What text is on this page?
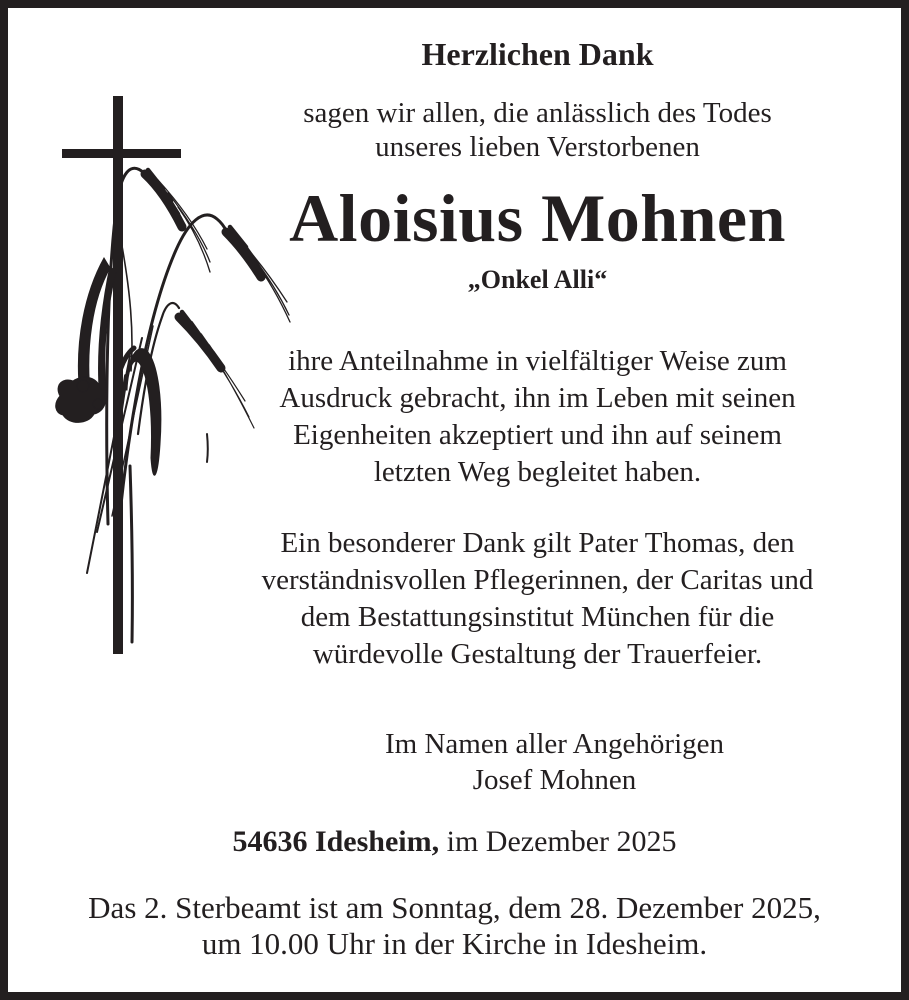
Herzlichen Dank
sagen wir allen, die anlässlich des Todes
unseres lieben Verstorbenen
Aloisius Mohnen
„Onkel Alli“
ihre Anteilnahme in vielfältiger Weise zum
Ausdruck gebracht, ihn im Leben mit seinen
Eigenheiten akzeptiert und ihn auf seinem
letzten Weg begleitet haben.
Ein besonderer Dank gilt Pater Thomas, den
verständnisvollen Pflegerinnen, der Caritas und
dem Bestattungsinstitut München für die
würdevolle Gestaltung der Trauerfeier.
Im Namen aller Angehörigen
Josef Mohnen
54636 Idesheim, im Dezember 2025
Das 2. Sterbeamt ist am Sonntag, dem 28. Dezember 2025,
um 10.00 Uhr in der Kirche in Idesheim.
